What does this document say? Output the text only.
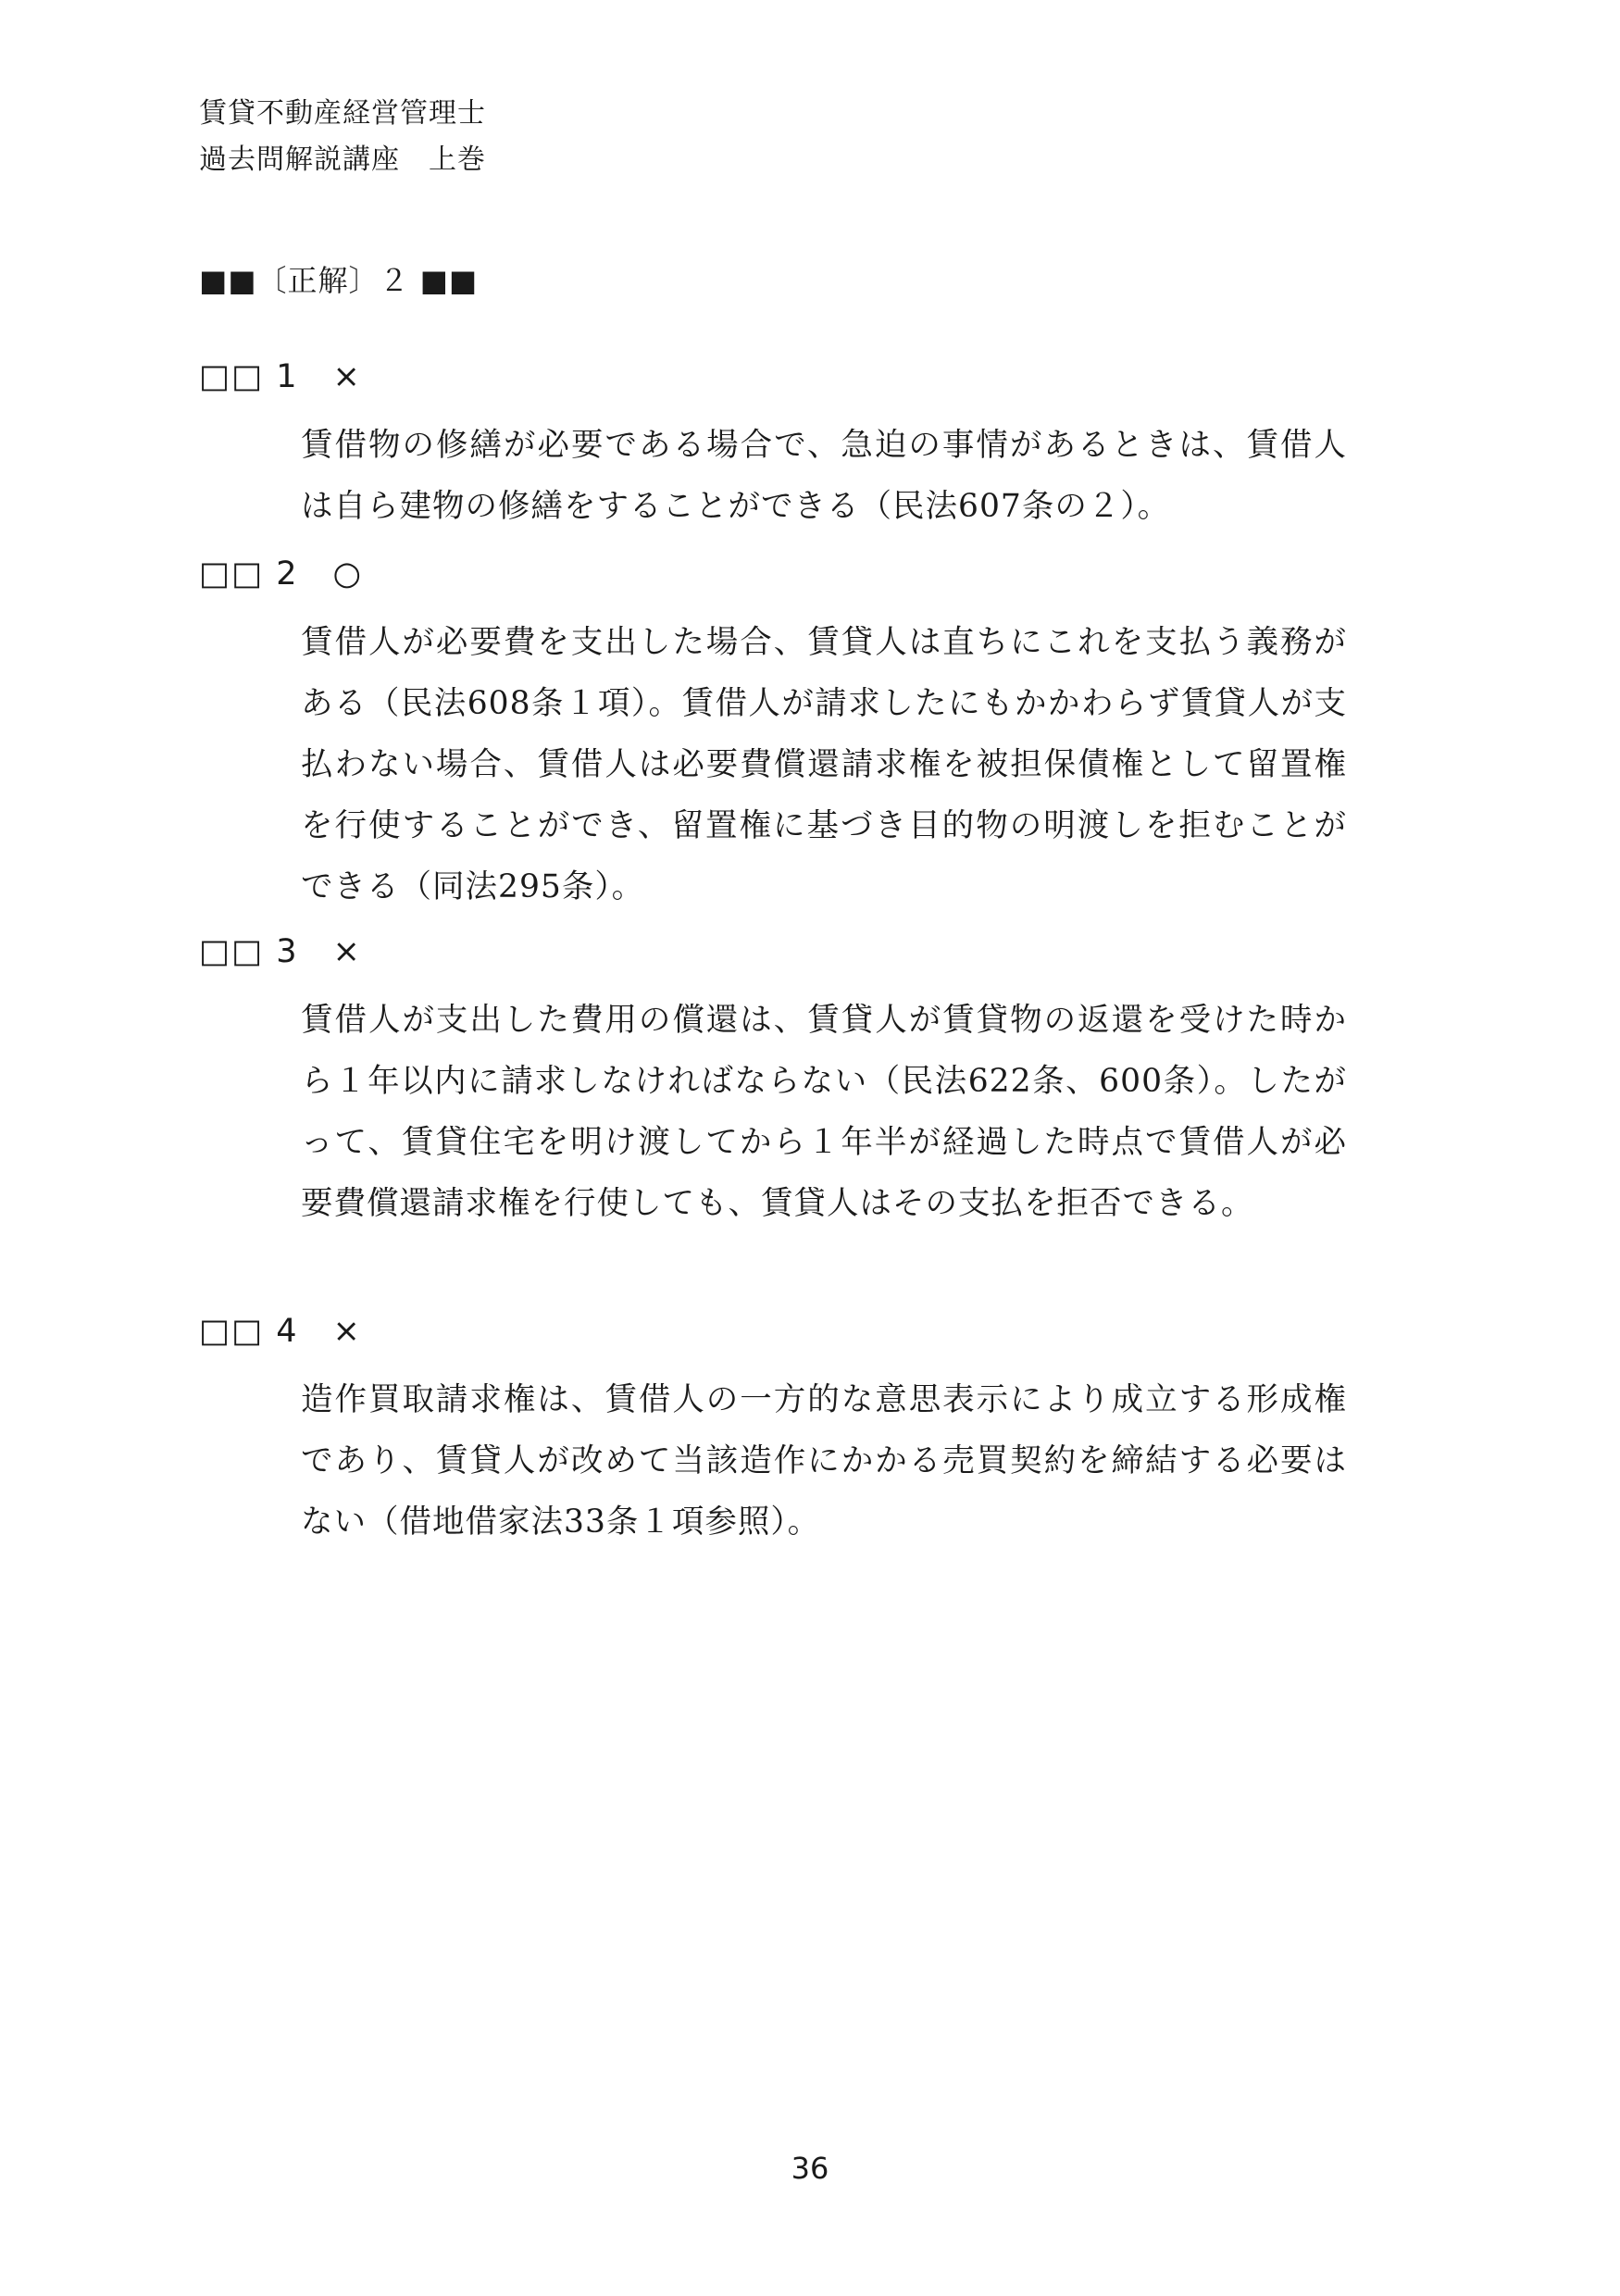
賃貸不動産経営管理士
過去問解説講座　上巻
■■〔正解〕２ ■■
□□ 1　×
賃借物の修繕が必要である場合で、急迫の事情があるときは、賃借人は自ら建物の修繕をすることができる（民法607条の２）。
□□ 2　○
賃借人が必要費を支出した場合、賃貸人は直ちにこれを支払う義務がある（民法608条１項）。賃借人が請求したにもかかわらず賃貸人が支払わない場合、賃借人は必要費償還請求権を被担保債権として留置権を行使することができ、留置権に基づき目的物の明渡しを拒むことができる（同法295条）。
□□ 3　×
賃借人が支出した費用の償還は、賃貸人が賃貸物の返還を受けた時から１年以内に請求しなければならない（民法622条、600条）。したがって、賃貸住宅を明け渡してから１年半が経過した時点で賃借人が必要費償還請求権を行使しても、賃貸人はその支払を拒否できる。
□□ 4　×
造作買取請求権は、賃借人の一方的な意思表示により成立する形成権であり、賃貸人が改めて当該造作にかかる売買契約を締結する必要はない（借地借家法33条１項参照）。
36
